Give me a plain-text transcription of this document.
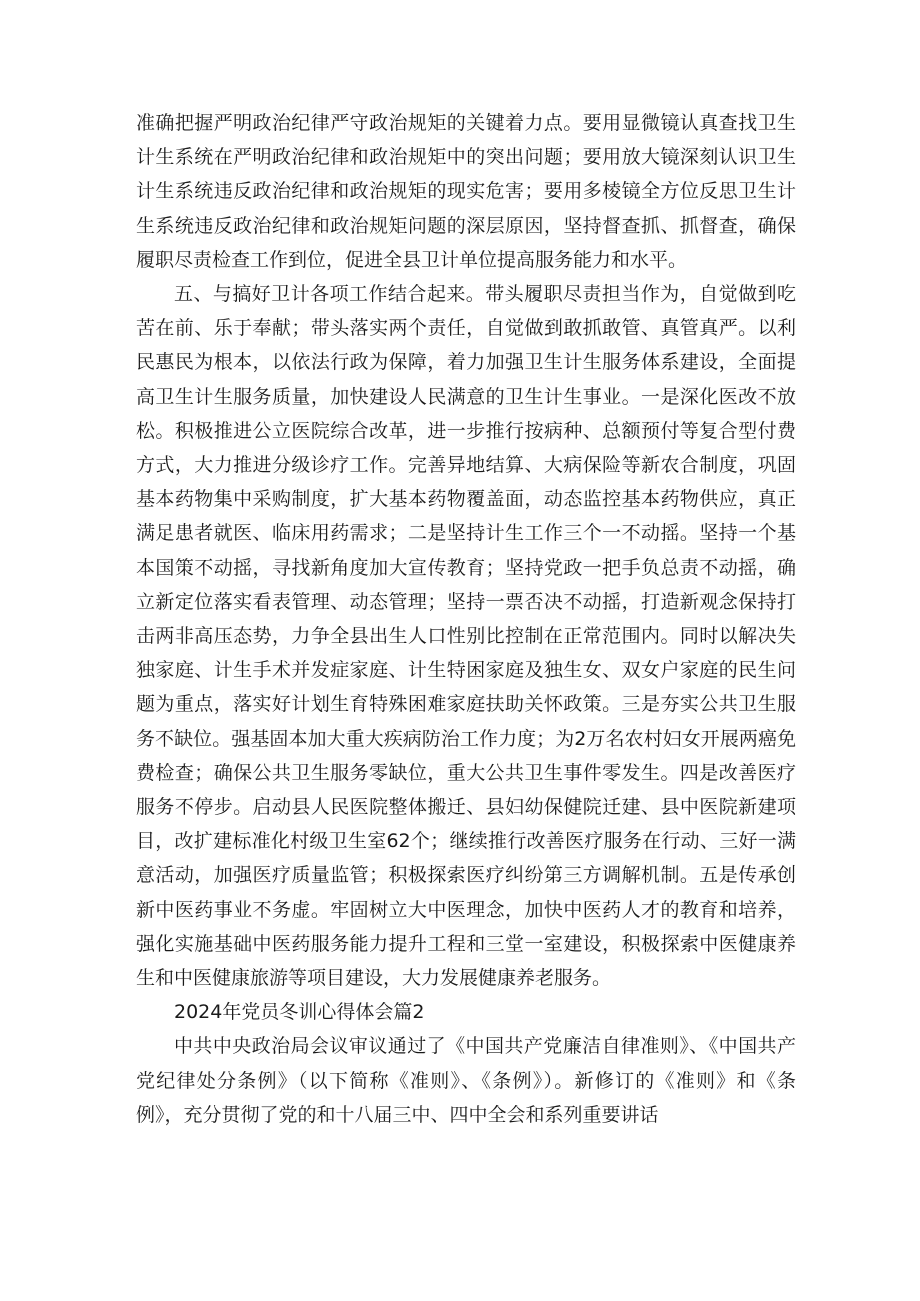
准确把握严明政治纪律严守政治规矩的关键着力点。要用显微镜认真查找卫生计生系统在严明政治纪律和政治规矩中的突出问题；要用放大镜深刻认识卫生计生系统违反政治纪律和政治规矩的现实危害；要用多棱镜全方位反思卫生计生系统违反政治纪律和政治规矩问题的深层原因，坚持督查抓、抓督查，确保履职尽责检查工作到位，促进全县卫计单位提高服务能力和水平。

五、与搞好卫计各项工作结合起来。带头履职尽责担当作为，自觉做到吃苦在前、乐于奉献；带头落实两个责任，自觉做到敢抓敢管、真管真严。以利民惠民为根本，以依法行政为保障，着力加强卫生计生服务体系建设，全面提高卫生计生服务质量，加快建设人民满意的卫生计生事业。一是深化医改不放松。积极推进公立医院综合改革，进一步推行按病种、总额预付等复合型付费方式，大力推进分级诊疗工作。完善异地结算、大病保险等新农合制度，巩固基本药物集中采购制度，扩大基本药物覆盖面，动态监控基本药物供应，真正满足患者就医、临床用药需求；二是坚持计生工作三个一不动摇。坚持一个基本国策不动摇，寻找新角度加大宣传教育；坚持党政一把手负总责不动摇，确立新定位落实看表管理、动态管理；坚持一票否决不动摇，打造新观念保持打击两非高压态势，力争全县出生人口性别比控制在正常范围内。同时以解决失独家庭、计生手术并发症家庭、计生特困家庭及独生女、双女户家庭的民生问题为重点，落实好计划生育特殊困难家庭扶助关怀政策。三是夯实公共卫生服务不缺位。强基固本加大重大疾病防治工作力度；为2万名农村妇女开展两癌免费检查；确保公共卫生服务零缺位，重大公共卫生事件零发生。四是改善医疗服务不停步。启动县人民医院整体搬迁、县妇幼保健院迁建、县中医院新建项目，改扩建标准化村级卫生室62个；继续推行改善医疗服务在行动、三好一满意活动，加强医疗质量监管；积极探索医疗纠纷第三方调解机制。五是传承创新中医药事业不务虚。牢固树立大中医理念，加快中医药人才的教育和培养，强化实施基础中医药服务能力提升工程和三堂一室建设，积极探索中医健康养生和中医健康旅游等项目建设，大力发展健康养老服务。

2024年党员冬训心得体会篇2

中共中央政治局会议审议通过了《中国共产党廉洁自律准则》、《中国共产党纪律处分条例》（以下简称《准则》、《条例》）。新修订的《准则》和《条例》，充分贯彻了党的和十八届三中、四中全会和系列重要讲话
